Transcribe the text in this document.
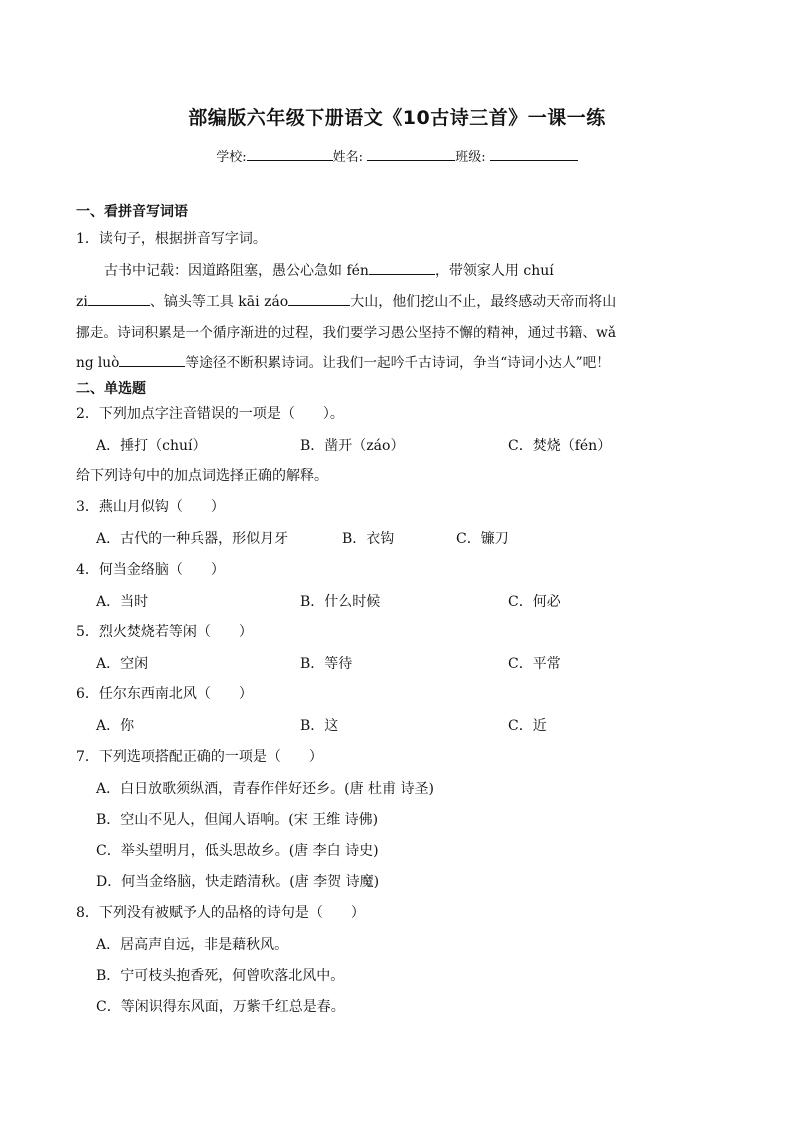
部编版六年级下册语文《10古诗三首》一课一练
学校:	姓名:	班级:
一、看拼音写词语
1．读句子，根据拼音写字词。
古书中记载：因道路阻塞，愚公心急如 fén	，带领家人用 chuí
zi	、镐头等工具 kāi záo	大山，他们挖山不止，最终感动天帝而将山
挪走。诗词积累是一个循序渐进的过程，我们要学习愚公坚持不懈的精神，通过书籍、wǎ
ng luò	等途径不断积累诗词。让我们一起吟千古诗词，争当“诗词小达人”吧！
二、单选题
2．下列加点字注音错误的一项是（　　）。
A．捶打（chuí）	B．凿开（záo）	C．焚烧（fén）
给下列诗句中的加点词选择正确的解释。
3．燕山月似钩（　　）
A．古代的一种兵器，形似月牙	B．衣钩	C．镰刀
4．何当金络脑（　　）
A．当时	B．什么时候	C．何必
5．烈火焚烧若等闲（　　）
A．空闲	B．等待	C．平常
6．任尔东西南北风（　　）
A．你	B．这	C．近
7．下列选项搭配正确的一项是（　　）
A．白日放歌须纵酒，青春作伴好还乡。(唐 杜甫 诗圣)
B．空山不见人，但闻人语响。(宋 王维 诗佛)
C．举头望明月，低头思故乡。(唐 李白 诗史)
D．何当金络脑，快走踏清秋。(唐 李贺 诗魔)
8．下列没有被赋予人的品格的诗句是（　　）
A．居高声自远，非是藉秋风。
B．宁可枝头抱香死，何曾吹落北风中。
C．等闲识得东风面，万紫千红总是春。
